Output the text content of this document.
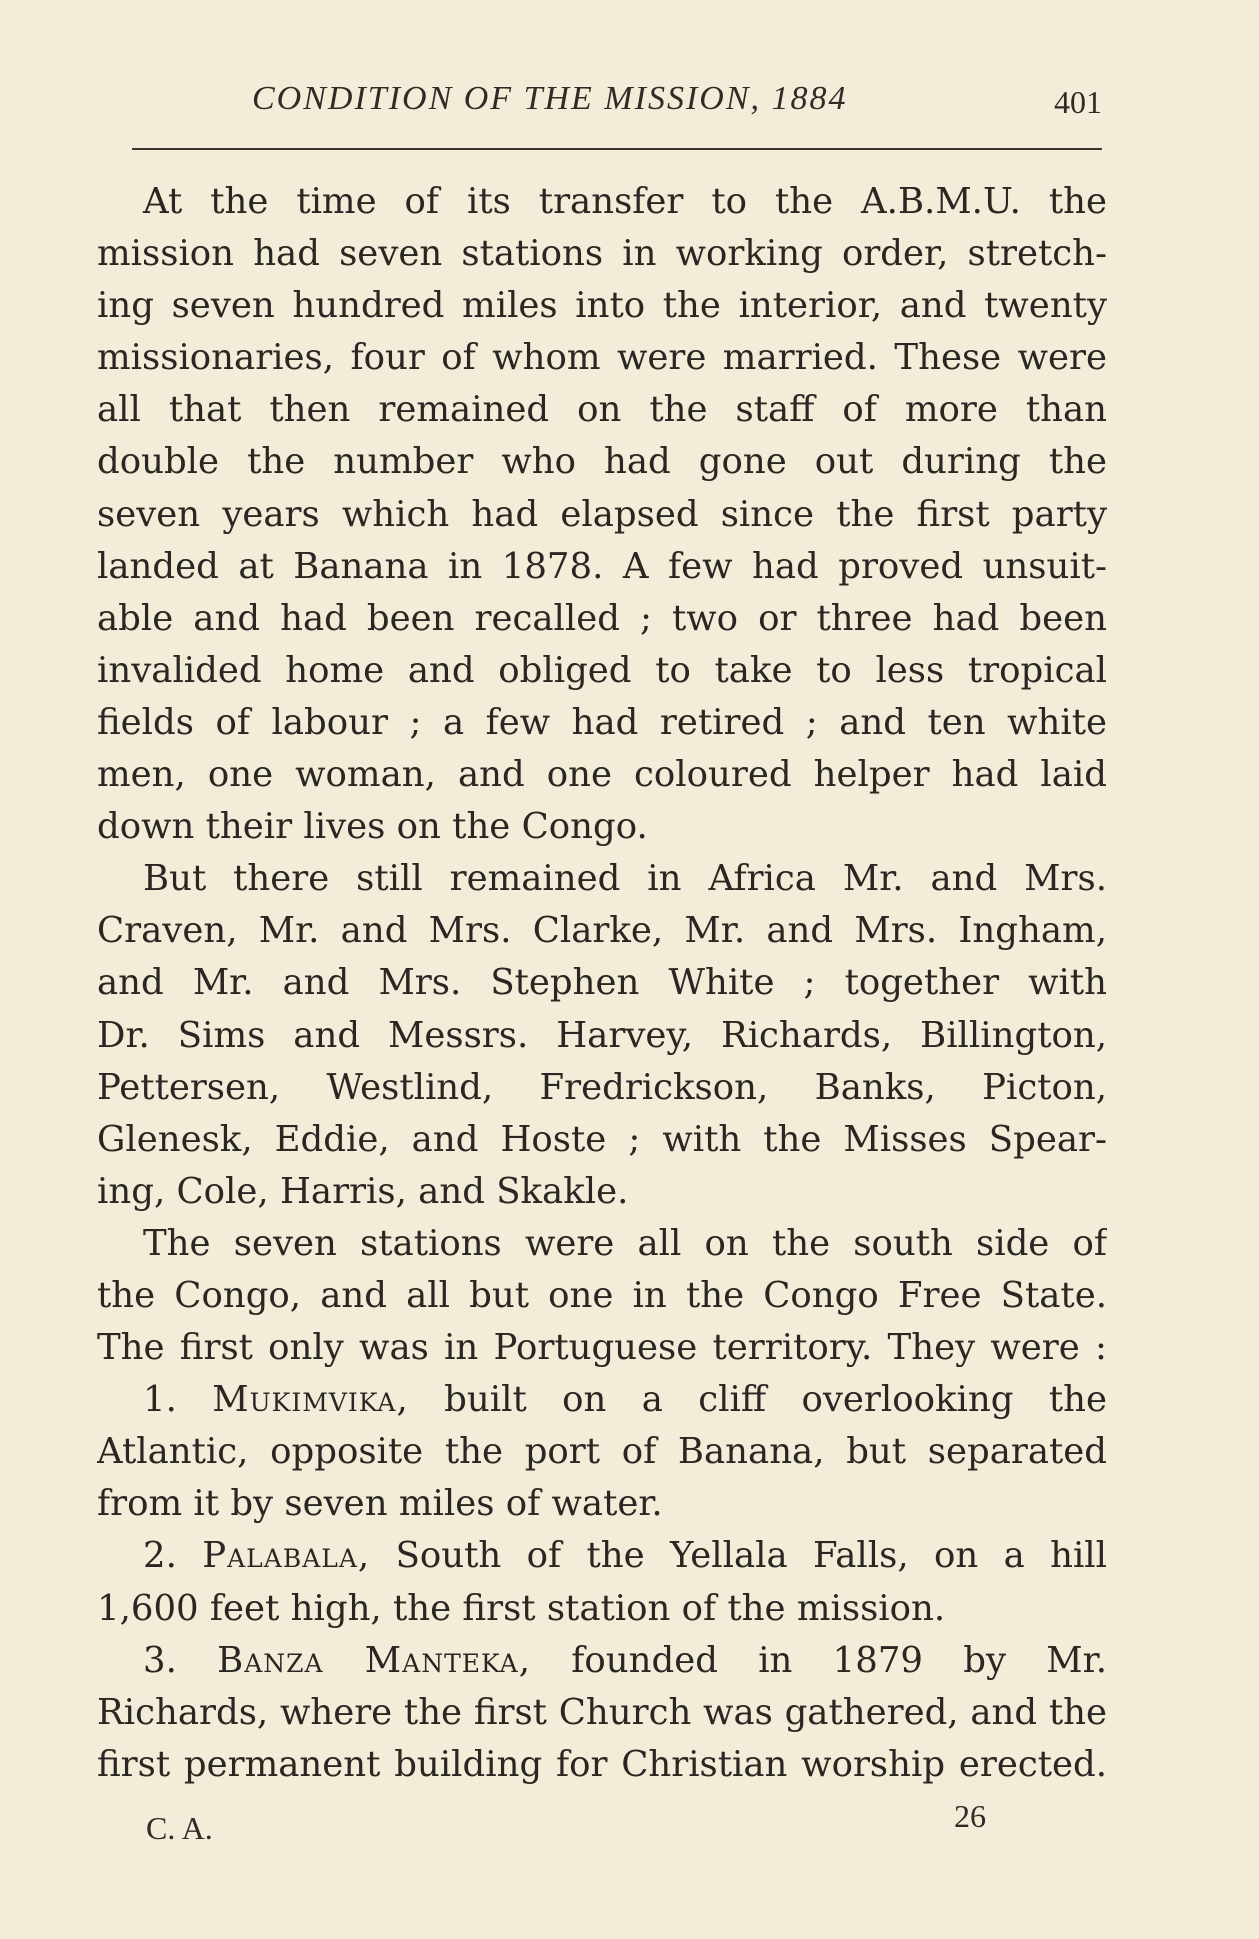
CONDITION OF THE MISSION, 1884	401
At the time of its transfer to the A.B.M.U. the
mission had seven stations in working order, stretch-
ing seven hundred miles into the interior, and twenty
missionaries, four of whom were married. These were
all that then remained on the staff of more than
double the number who had gone out during the
seven years which had elapsed since the first party
landed at Banana in 1878. A few had proved unsuit-
able and had been recalled ; two or three had been
invalided home and obliged to take to less tropical
fields of labour ; a few had retired ; and ten white
men, one woman, and one coloured helper had laid
down their lives on the Congo.
But there still remained in Africa Mr. and Mrs.
Craven, Mr. and Mrs. Clarke, Mr. and Mrs. Ingham,
and Mr. and Mrs. Stephen White ; together with
Dr. Sims and Messrs. Harvey, Richards, Billington,
Pettersen, Westlind, Fredrickson, Banks, Picton,
Glenesk, Eddie, and Hoste ; with the Misses Spear-
ing, Cole, Harris, and Skakle.
The seven stations were all on the south side of
the Congo, and all but one in the Congo Free State.
The first only was in Portuguese territory. They were :
1. Mukimvika, built on a cliff overlooking the
Atlantic, opposite the port of Banana, but separated
from it by seven miles of water.
2. Palabala, South of the Yellala Falls, on a hill
1,600 feet high, the first station of the mission.
3. Banza Manteka, founded in 1879 by Mr.
Richards, where the first Church was gathered, and the
first permanent building for Christian worship erected.
C. A.	26
